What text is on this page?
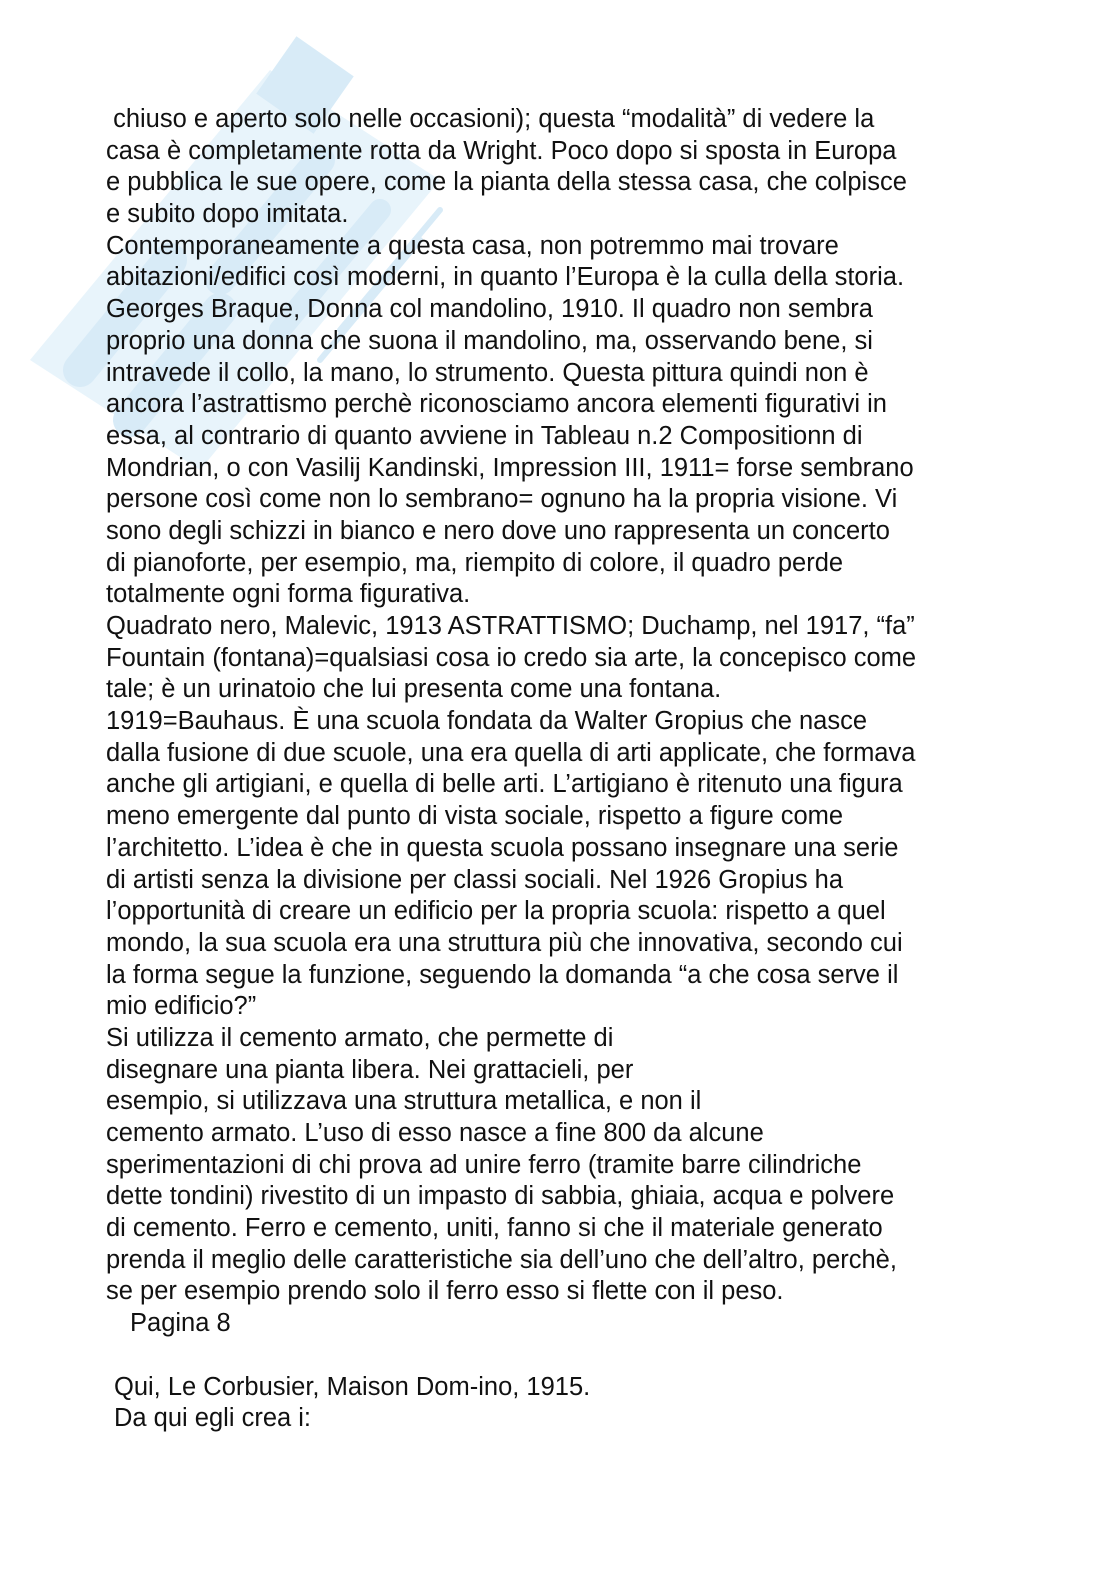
chiuso e aperto solo nelle occasioni); questa “modalità” di vedere la
casa è completamente rotta da Wright. Poco dopo si sposta in Europa
e pubblica le sue opere, come la pianta della stessa casa, che colpisce
e subito dopo imitata.
Contemporaneamente a questa casa, non potremmo mai trovare
abitazioni/edifici così moderni, in quanto l’Europa è la culla della storia.
Georges Braque, Donna col mandolino, 1910. Il quadro non sembra
proprio una donna che suona il mandolino, ma, osservando bene, si
intravede il collo, la mano, lo strumento. Questa pittura quindi non è
ancora l’astrattismo perchè riconosciamo ancora elementi figurativi in
essa, al contrario di quanto avviene in Tableau n.2 Compositionn di
Mondrian, o con Vasilij Kandinski, Impression III, 1911= forse sembrano
persone così come non lo sembrano= ognuno ha la propria visione. Vi
sono degli schizzi in bianco e nero dove uno rappresenta un concerto
di pianoforte, per esempio, ma, riempito di colore, il quadro perde
totalmente ogni forma figurativa.
Quadrato nero, Malevic, 1913 ASTRATTISMO; Duchamp, nel 1917, “fa”
Fountain (fontana)=qualsiasi cosa io credo sia arte, la concepisco come
tale; è un urinatoio che lui presenta come una fontana.
1919=Bauhaus. È una scuola fondata da Walter Gropius che nasce
dalla fusione di due scuole, una era quella di arti applicate, che formava
anche gli artigiani, e quella di belle arti. L’artigiano è ritenuto una figura
meno emergente dal punto di vista sociale, rispetto a figure come
l’architetto. L’idea è che in questa scuola possano insegnare una serie
di artisti senza la divisione per classi sociali. Nel 1926 Gropius ha
l’opportunità di creare un edificio per la propria scuola: rispetto a quel
mondo, la sua scuola era una struttura più che innovativa, secondo cui
la forma segue la funzione, seguendo la domanda “a che cosa serve il
mio edificio?”
Si utilizza il cemento armato, che permette di
disegnare una pianta libera. Nei grattacieli, per
esempio, si utilizzava una struttura metallica, e non il
cemento armato. L’uso di esso nasce a fine 800 da alcune
sperimentazioni di chi prova ad unire ferro (tramite barre cilindriche
dette tondini) rivestito di un impasto di sabbia, ghiaia, acqua e polvere
di cemento. Ferro e cemento, uniti, fanno si che il materiale generato
prenda il meglio delle caratteristiche sia dell’uno che dell’altro, perchè,
se per esempio prendo solo il ferro esso si flette con il peso.
Pagina 8
Qui, Le Corbusier, Maison Dom-ino, 1915.
Da qui egli crea i:
